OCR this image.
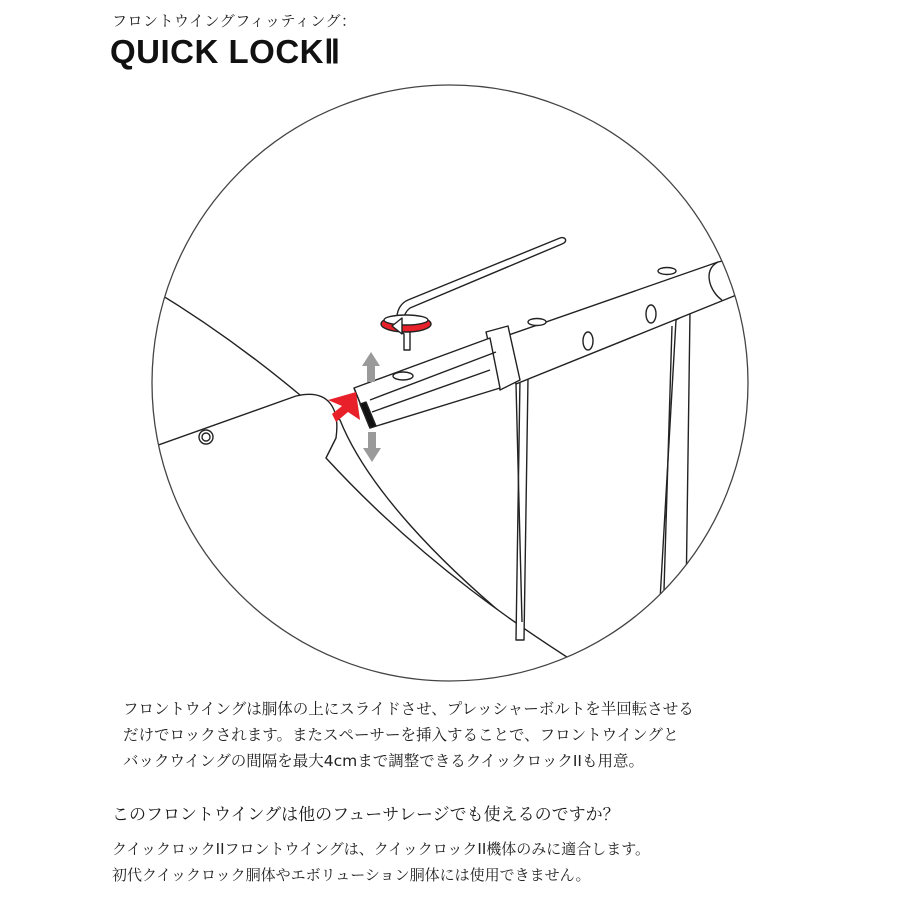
フロントウイングフィッティング：
QUICK LOCKⅡ

フロントウイングは胴体の上にスライドさせ、プレッシャーボルトを半回転させる

だけでロックされます。またスペーサーを挿入することで、フロントウイングと

バックウイングの間隔を最大4cmまで調整できるクイックロックIIも用意。

このフロントウイングは他のフューサレージでも使えるのですか？

クイックロックIIフロントウイングは、クイックロックII機体のみに適合します。

初代クイックロック胴体やエボリューション胴体には使用できません。
